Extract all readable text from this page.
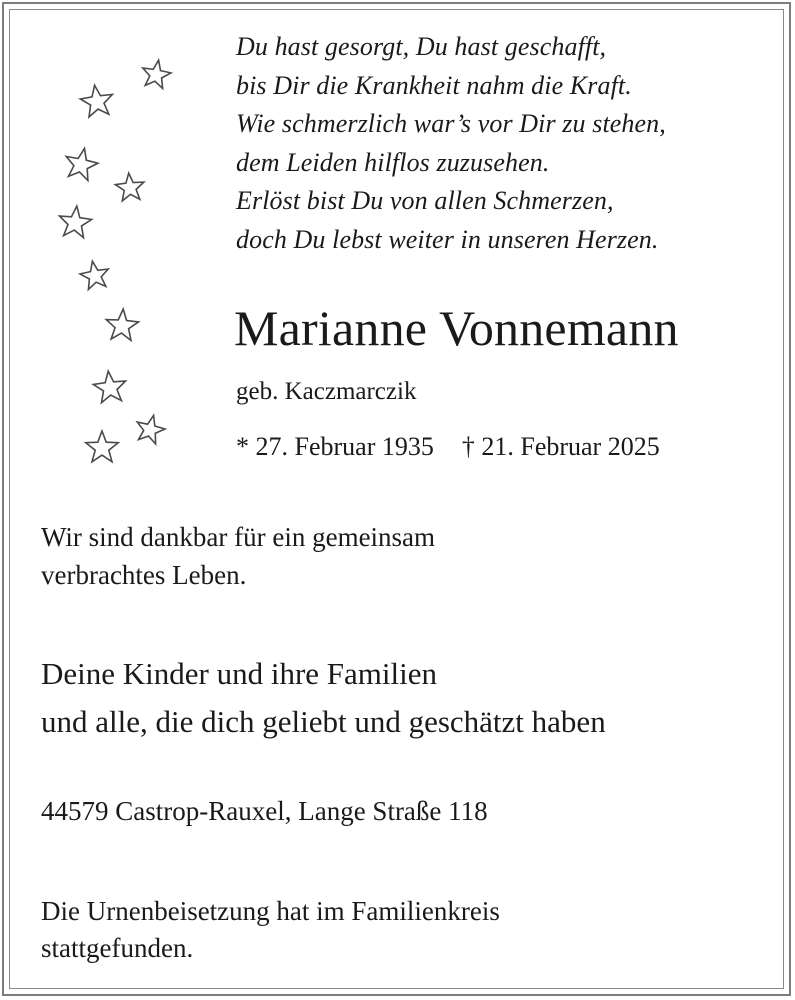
Du hast gesorgt, Du hast geschafft,
bis Dir die Krankheit nahm die Kraft.
Wie schmerzlich war’s vor Dir zu stehen,
dem Leiden hilflos zuzusehen.
Erlöst bist Du von allen Schmerzen,
doch Du lebst weiter in unseren Herzen.
Marianne Vonnemann
geb. Kaczmarczik
* 27. Februar 1935 † 21. Februar 2025
Wir sind dankbar für ein gemeinsam
verbrachtes Leben.
Deine Kinder und ihre Familien
und alle, die dich geliebt und geschätzt haben
44579 Castrop-Rauxel, Lange Straße 118
Die Urnenbeisetzung hat im Familienkreis
stattgefunden.
